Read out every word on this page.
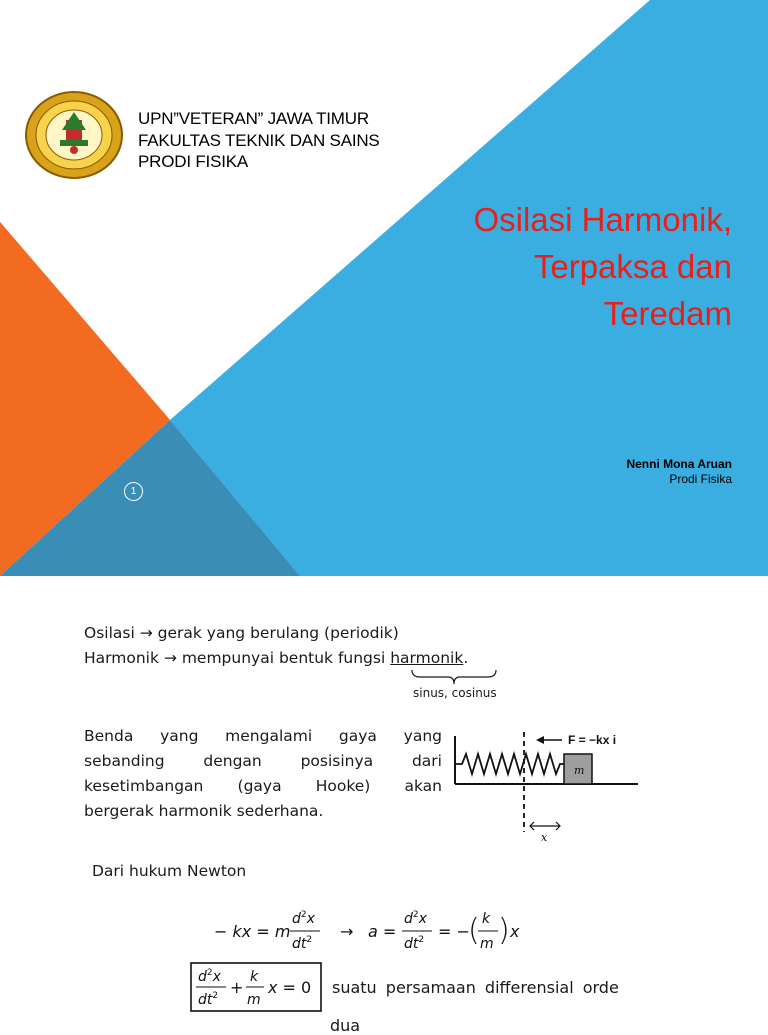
UPN”VETERAN” JAWA TIMUR
FAKULTAS TEKNIK DAN SAINS
PRODI FISIKA
Osilasi Harmonik,
Terpaksa dan
Teredam
Nenni Mona Aruan
Prodi Fisika
1
Osilasi → gerak yang berulang (periodik)
Harmonik → mempunyai bentuk fungsi harmonik.
sinus, cosinus
Benda yang mengalami gaya yang
sebanding	dengan	posisinya	dari
kesetimbangan (gaya Hooke) akan
bergerak harmonik sederhana.
m
F = −kx i
x
Dari hukum Newton
− kx = m
$d^2x$
$dt^2 \to a$ =
$d^2x$
$dt^2$ = −
( k
m ) x
$d^2x$
$dt^2$ +
k
m
x = 0 suatu persamaan differensial orde
dua
